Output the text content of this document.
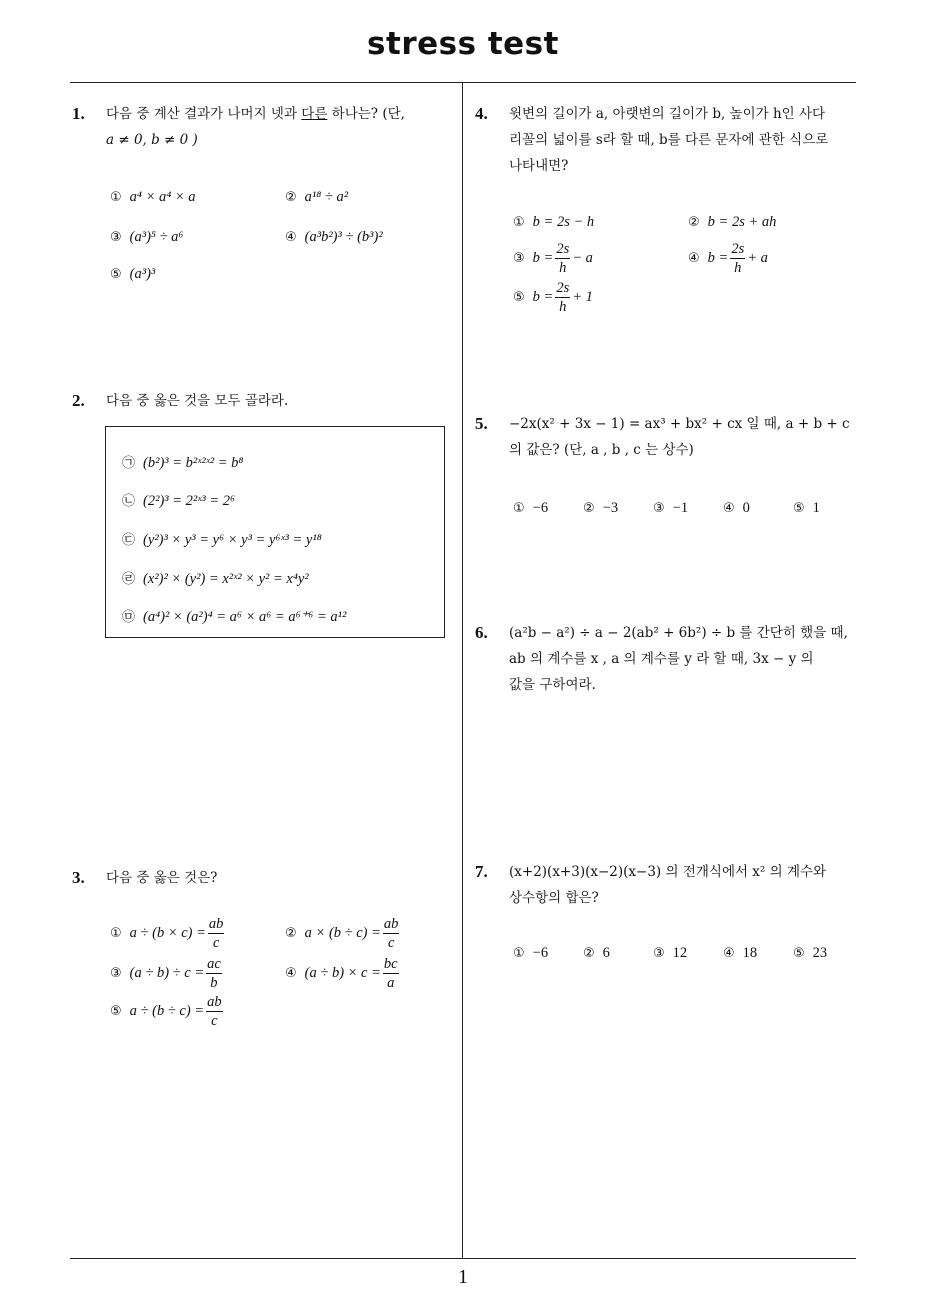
stress test
1
1. 다음 중 계산 결과가 나머지 넷과 다른 하나는? (단,
a ≠ 0, b ≠ 0 )
① a⁴ × a⁴ × a	② a¹⁸ ÷ a²
③ (a³)⁵ ÷ a⁶	④ (a³b²)³ ÷ (b³)²
⑤ (a³)³
2. 다음 중 옳은 것을 모두 골라라.
㉠ (b²)³ = b²ˣ²ˣ² = b⁸
㉡ (2²)³ = 2²ˣ³ = 2⁶
㉢ (y²)³ × y³ = y⁶ × y³ = y⁶ˣ³ = y¹⁸
㉣ (x²)² × (y²) = x²ˣ² × y² = x⁴y²
㉤ (a⁴)² × (a²)⁴ = a⁶ × a⁶ = a⁶⁺⁶ = a¹²
3. 다음 중 옳은 것은?
① $a \div (b \times c) = \frac{ab}{c}$	② $a \times (b \div c) = \frac{ab}{c}$
③ $(a \div b) \div c = \frac{ac}{b}$	④ $(a \div b) \times c = \frac{bc}{a}$
⑤ $a \div (b \div c) = \frac{ab}{c}$
4. 윗변의 길이가 a, 아랫변의 길이가 b, 높이가 h인 사다
리꼴의 넓이를 s라 할 때, b를 다른 문자에 관한 식으로
나타내면?
① b = 2s − h	② b = 2s + ah
③ $b = \frac{2s}{h} - a$	④ $b = \frac{2s}{h} + a$
⑤ $b = \frac{2s}{h} + 1$
5. −2x(x² + 3x − 1) = ax³ + bx² + cx 일 때, a + b + c
의 값은? (단, a , b , c 는 상수)
① −6	② −3	③ −1	④ 0	⑤ 1
6. (a²b − a²) ÷ a − 2(ab² + 6b²) ÷ b 를 간단히 했을 때,
ab 의 계수를 x , a 의 계수를 y 라 할 때, 3x − y 의
값을 구하여라.
7. (x+2)(x+3)(x−2)(x−3) 의 전개식에서 x² 의 계수와
상수항의 합은?
① −6	② 6	③ 12	④ 18	⑤ 23
